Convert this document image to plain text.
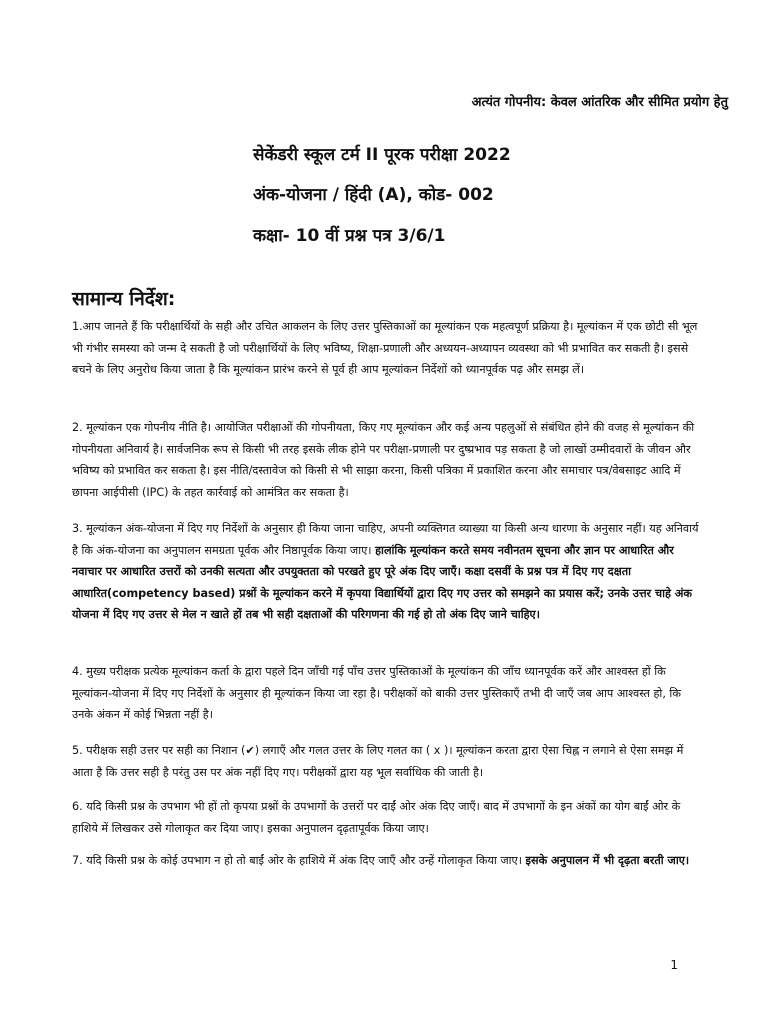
अत्यंत गोपनीय: केवल आंतरिक और सीमित प्रयोग हेतु
सेकेंडरी स्कूल टर्म II पूरक परीक्षा 2022
अंक-योजना / हिंदी (A), कोड- 002
कक्षा- 10 वीं प्रश्न पत्र 3/6/1
सामान्य निर्देश:
1.आप जानते हैं कि परीक्षार्थियों के सही और उचित आकलन के लिए उत्तर पुस्तिकाओं का मूल्यांकन एक महत्वपूर्ण प्रक्रिया है। मूल्यांकन में एक छोटी सी भूल भी गंभीर समस्या को जन्म दे सकती है जो परीक्षार्थियों के लिए भविष्य, शिक्षा-प्रणाली और अध्ययन-अध्यापन व्यवस्था को भी प्रभावित कर सकती है। इससे बचने के लिए अनुरोध किया जाता है कि मूल्यांकन प्रारंभ करने से पूर्व ही आप मूल्यांकन निर्देशों को ध्यानपूर्वक पढ़ और समझ लें।
2. मूल्यांकन एक गोपनीय नीति है। आयोजित परीक्षाओं की गोपनीयता, किए गए मूल्यांकन और कई अन्य पहलुओं से संबंधित होने की वजह से मूल्यांकन की गोपनीयता अनिवार्य है। सार्वजनिक रूप से किसी भी तरह इसके लीक होने पर परीक्षा-प्रणाली पर दुष्प्रभाव पड़ सकता है जो लाखों उम्मीदवारों के जीवन और भविष्य को प्रभावित कर सकता है। इस नीति/दस्तावेज को किसी से भी साझा करना, किसी पत्रिका में प्रकाशित करना और समाचार पत्र/वेबसाइट आदि में छापना आईपीसी (IPC) के तहत कार्रवाई को आमंत्रित कर सकता है।
3. मूल्यांकन अंक-योजना में दिए गए निर्देशों के अनुसार ही किया जाना चाहिए, अपनी व्यक्तिगत व्याख्या या किसी अन्य धारणा के अनुसार नहीं। यह अनिवार्य है कि अंक-योजना का अनुपालन समग्रता पूर्वक और निष्ठापूर्वक किया जाए। हालांकि मूल्यांकन करते समय नवीनतम सूचना और ज्ञान पर आधारित और नवाचार पर आधारित उत्तरों को उनकी सत्यता और उपयुक्तता को परखते हुए पूरे अंक दिए जाएँ। कक्षा दसवीं के प्रश्न पत्र में दिए गए दक्षता आधारित(competency based) प्रश्नों के मूल्यांकन करने में कृपया विद्यार्थियों द्वारा दिए गए उत्तर को समझने का प्रयास करें; उनके उत्तर चाहे अंक योजना में दिए गए उत्तर से मेल न खाते हों तब भी सही दक्षताओं की परिगणना की गई हो तो अंक दिए जाने चाहिए।
4. मुख्य परीक्षक प्रत्येक मूल्यांकन कर्ता के द्वारा पहले दिन जाँची गई पाँच उत्तर पुस्तिकाओं के मूल्यांकन की जाँच ध्यानपूर्वक करें और आश्वस्त हों कि मूल्यांकन-योजना में दिए गए निर्देशों के अनुसार ही मूल्यांकन किया जा रहा है। परीक्षकों को बाकी उत्तर पुस्तिकाएँ तभी दी जाएँ जब आप आश्वस्त हो, कि उनके अंकन में कोई भिन्नता नहीं है।
5. परीक्षक सही उत्तर पर सही का निशान (✔) लगाएँ और गलत उत्तर के लिए गलत का ( x )। मूल्यांकन करता द्वारा ऐसा चिह्न न लगाने से ऐसा समझ में आता है कि उत्तर सही है परंतु उस पर अंक नहीं दिए गए। परीक्षकों द्वारा यह भूल सर्वाधिक की जाती है।
6. यदि किसी प्रश्न के उपभाग भी हों तो कृपया प्रश्नों के उपभागों के उत्तरों पर दाईं ओर अंक दिए जाएँ। बाद में उपभागों के इन अंकों का योग बाईं ओर के हाशिये में लिखकर उसे गोलाकृत कर दिया जाए। इसका अनुपालन दृढ़तापूर्वक किया जाए।
7. यदि किसी प्रश्न के कोई उपभाग न हो तो बाईं ओर के हाशिये में अंक दिए जाएँ और उन्हें गोलाकृत किया जाए। इसके अनुपालन में भी दृढ़ता बरती जाए।
1
